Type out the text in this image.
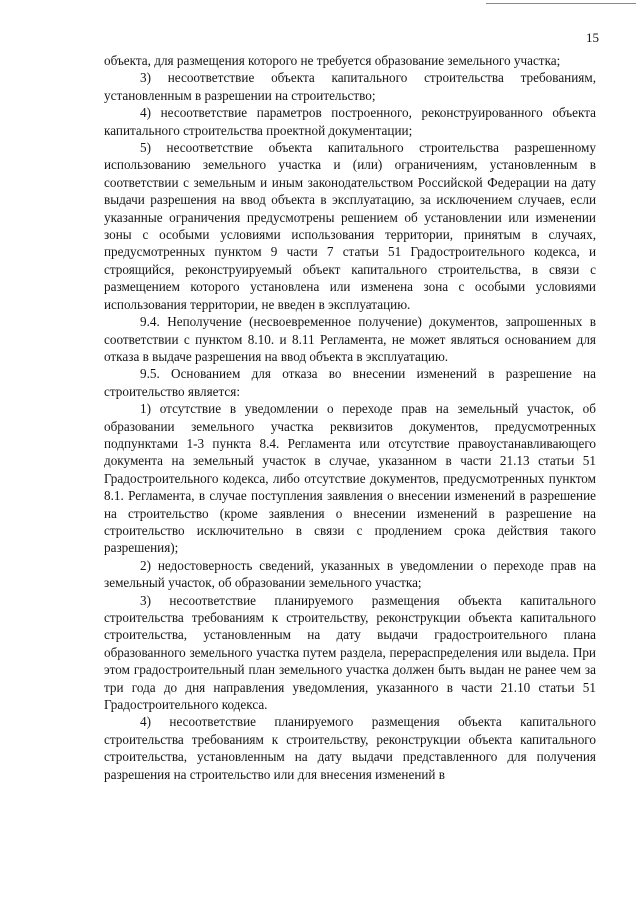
15

объекта, для размещения которого не требуется образование земельного участка;

3) несоответствие объекта капитального строительства требованиям, установленным в разрешении на строительство;

4) несоответствие параметров построенного, реконструированного объекта капитального строительства проектной документации;

5) несоответствие объекта капитального строительства разрешенному использованию земельного участка и (или) ограничениям, установленным в соответствии с земельным и иным законодательством Российской Федерации на дату выдачи разрешения на ввод объекта в эксплуатацию, за исключением случаев, если указанные ограничения предусмотрены решением об установлении или изменении зоны с особыми условиями использования территории, принятым в случаях, предусмотренных пунктом 9 части 7 статьи 51 Градостроительного кодекса, и строящийся, реконструируемый объект капитального строительства, в связи с размещением которого установлена или изменена зона с особыми условиями использования территории, не введен в эксплуатацию.

9.4. Неполучение (несвоевременное получение) документов, запрошенных в соответствии с пунктом 8.10. и 8.11 Регламента, не может являться основанием для отказа в выдаче разрешения на ввод объекта в эксплуатацию.

9.5. Основанием для отказа во внесении изменений в разрешение на строительство является:

1) отсутствие в уведомлении о переходе прав на земельный участок, об образовании земельного участка реквизитов документов, предусмотренных подпунктами 1-3 пункта 8.4. Регламента или отсутствие правоустанавливающего документа на земельный участок в случае, указанном в части 21.13 статьи 51 Градостроительного кодекса, либо отсутствие документов, предусмотренных пунктом 8.1. Регламента, в случае поступления заявления о внесении изменений в разрешение на строительство (кроме заявления о внесении изменений в разрешение на строительство исключительно в связи с продлением срока действия такого разрешения);

2) недостоверность сведений, указанных в уведомлении о переходе прав на земельный участок, об образовании земельного участка;

3) несоответствие планируемого размещения объекта капитального строительства требованиям к строительству, реконструкции объекта капитального строительства, установленным на дату выдачи градостроительного плана образованного земельного участка путем раздела, перераспределения или выдела. При этом градостроительный план земельного участка должен быть выдан не ранее чем за три года до дня направления уведомления, указанного в части 21.10 статьи 51 Градостроительного кодекса.

4) несоответствие планируемого размещения объекта капитального строительства требованиям к строительству, реконструкции объекта капитального строительства, установленным на дату выдачи представленного для получения разрешения на строительство или для внесения изменений в
